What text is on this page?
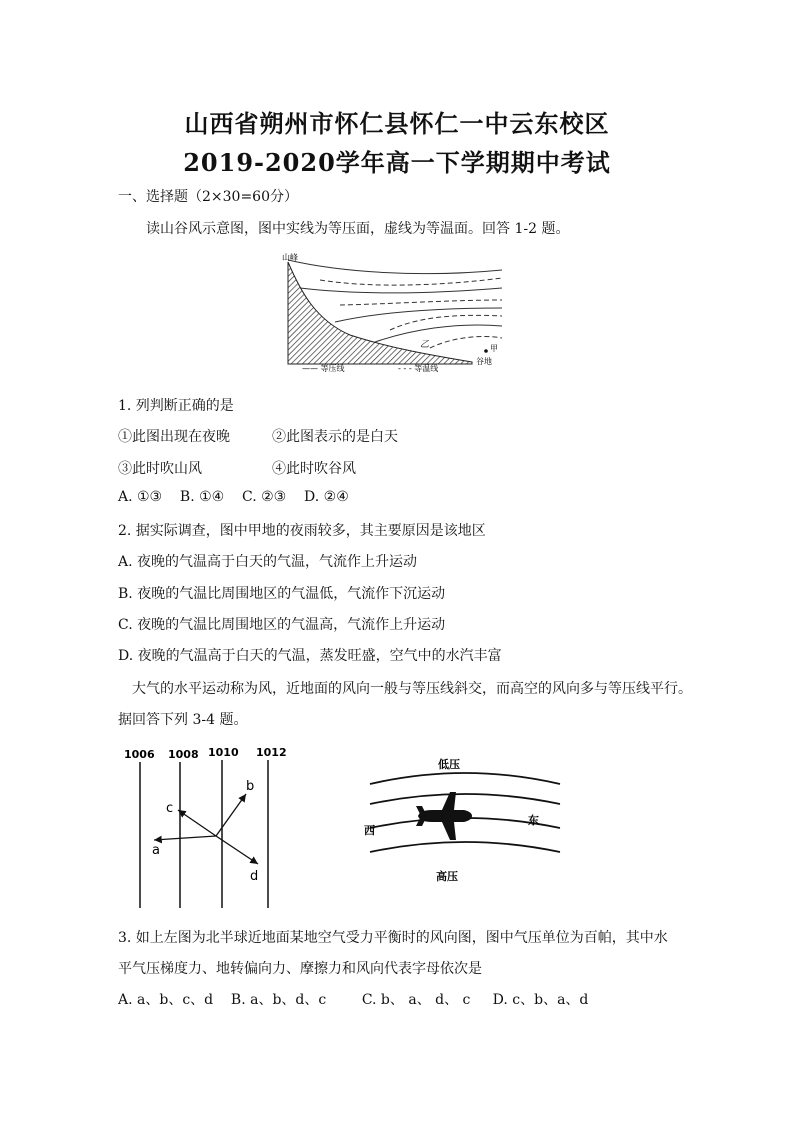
山西省朔州市怀仁县怀仁一中云东校区
2019-2020学年高一下学期期中考试
一、选择题（2×30=60分）
读山谷风示意图，图中实线为等压面，虚线为等温面。回答 1-2 题。
山峰
乙	甲
谷地
—— 等压线	- - - 等温线
1. 列判断正确的是
①此图出现在夜晚	②此图表示的是白天
③此时吹山风	④此时吹谷风
A. ①③    B. ①④    C. ②③    D. ②④
2. 据实际调查，图中甲地的夜雨较多，其主要原因是该地区
A. 夜晚的气温高于白天的气温，气流作上升运动
B. 夜晚的气温比周围地区的气温低，气流作下沉运动
C. 夜晚的气温比周围地区的气温高，气流作上升运动
D. 夜晚的气温高于白天的气温，蒸发旺盛，空气中的水汽丰富
大气的水平运动称为风，近地面的风向一般与等压线斜交，而高空的风向多与等压线平行。
据回答下列 3-4 题。
1006 1008 1010 1012
a
b
c
d
低压
西
东
高压
3. 如上左图为北半球近地面某地空气受力平衡时的风向图，图中气压单位为百帕，其中水
平气压梯度力、地转偏向力、摩擦力和风向代表字母依次是
A. a、b、c、d    B. a、b、d、c        C. b、 a、 d、 c     D. c、b、a、d
